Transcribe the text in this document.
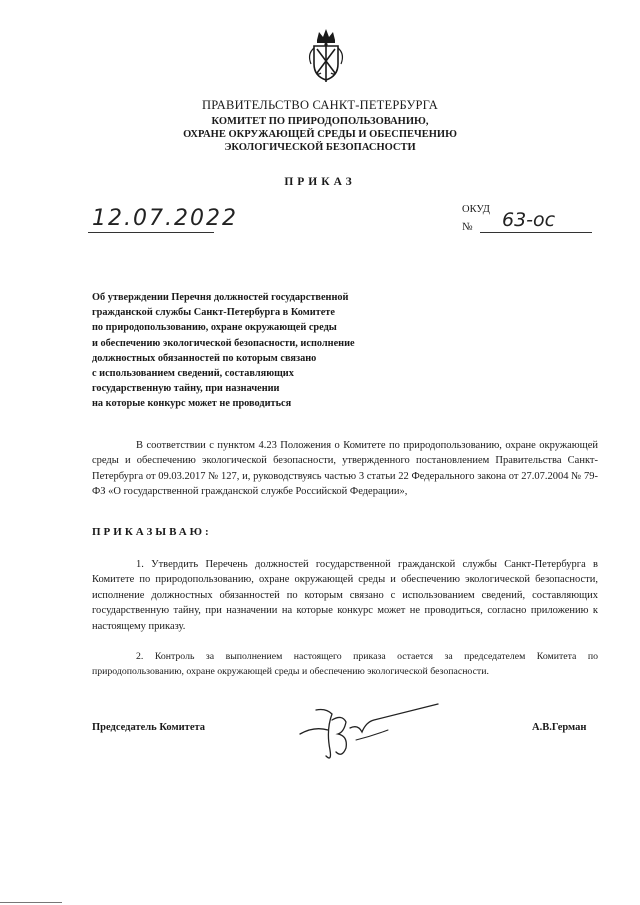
ПРАВИТЕЛЬСТВО САНКТ-ПЕТЕРБУРГА
КОМИТЕТ ПО ПРИРОДОПОЛЬЗОВАНИЮ,
ОХРАНЕ ОКРУЖАЮЩЕЙ СРЕДЫ И ОБЕСПЕЧЕНИЮ
ЭКОЛОГИЧЕСКОЙ БЕЗОПАСНОСТИ
ПРИКАЗ
12.07.2022	ОКУД
№ 63-ос
Об утверждении Перечня должностей государственной
гражданской службы Санкт-Петербурга в Комитете
по природопользованию, охране окружающей среды
и обеспечению экологической безопасности, исполнение
должностных обязанностей по которым связано
с использованием сведений, составляющих
государственную тайну, при назначении
на которые конкурс может не проводиться
В соответствии с пунктом 4.23 Положения о Комитете по природопользованию, охране окружающей среды и обеспечению экологической безопасности, утвержденного постановлением Правительства Санкт-Петербурга от 09.03.2017 № 127, и, руководствуясь частью 3 статьи 22 Федерального закона от 27.07.2004 № 79-ФЗ «О государственной гражданской службе Российской Федерации»,
ПРИКАЗЫВАЮ:
1. Утвердить Перечень должностей государственной гражданской службы Санкт-Петербурга в Комитете по природопользованию, охране окружающей среды и обеспечению экологической безопасности, исполнение должностных обязанностей по которым связано с использованием сведений, составляющих государственную тайну, при назначении на которые конкурс может не проводиться, согласно приложению к настоящему приказу.
2. Контроль за выполнением настоящего приказа остается за председателем Комитета по природопользованию, охране окружающей среды и обеспечению экологической безопасности.
Председатель Комитета	А.В.Герман
